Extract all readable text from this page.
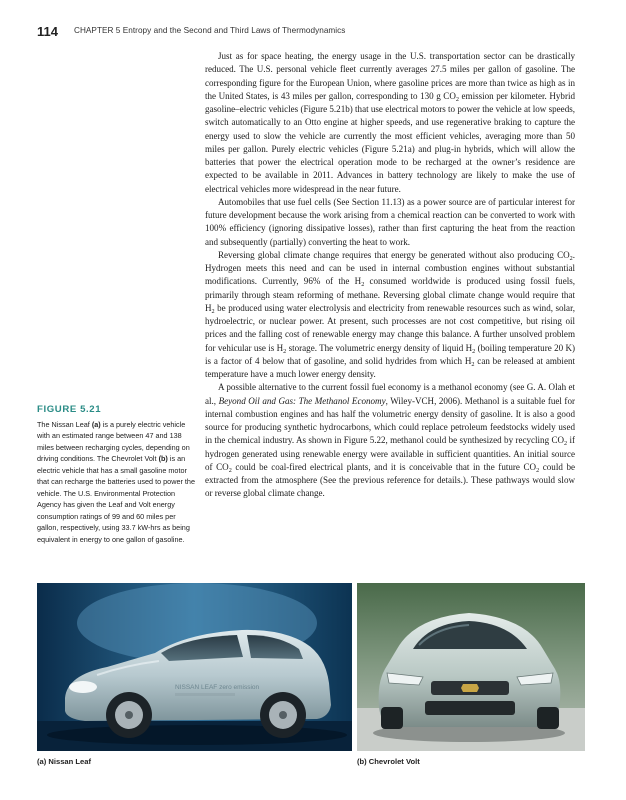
114 CHAPTER 5 Entropy and the Second and Third Laws of Thermodynamics

Just as for space heating, the energy usage in the U.S. transportation sector can be drastically reduced. The U.S. personal vehicle fleet currently averages 27.5 miles per gallon of gasoline. The corresponding figure for the European Union, where gasoline prices are more than twice as high as in the United States, is 43 miles per gallon, corresponding to 130 g $CO_2$ emission per kilometer. Hybrid gasoline–electric vehicles (Figure 5.21b) that use electrical motors to power the vehicle at low speeds, switch automatically to an Otto engine at higher speeds, and use regenerative braking to capture the energy used to slow the vehicle are currently the most efficient vehicles, averaging more than 50 miles per gallon. Purely electric vehicles (Figure 5.21a) and plug-in hybrids, which will allow the batteries that power the electrical operation mode to be recharged at the owner’s residence are expected to be available in 2011. Advances in battery technology are likely to make the use of electrical vehicles more widespread in the near future.

Automobiles that use fuel cells (See Section 11.13) as a power source are of particular interest for future development because the work arising from a chemical reaction can be converted to work with 100% efficiency (ignoring dissipative losses), rather than first capturing the heat from the reaction and subsequently (partially) converting the heat to work.

Reversing global climate change requires that energy be generated without also producing $CO_2$. Hydrogen meets this need and can be used in internal combustion engines without substantial modifications. Currently, 96% of the $H_2$ consumed worldwide is produced using fossil fuels, primarily through steam reforming of methane. Reversing global climate change would require that $H_2$ be produced using water electrolysis and electricity from renewable resources such as wind, solar, hydroelectric, or nuclear power. At present, such processes are not cost competitive, but rising oil prices and the falling cost of renewable energy may change this balance. A further unsolved problem for vehicular use is $H_2$ storage. The volumetric energy density of liquid $H_2$ (boiling temperature 20 K) is a factor of 4 below that of gasoline, and solid hydrides from which $H_2$ can be released at ambient temperature have a much lower energy density.

A possible alternative to the current fossil fuel economy is a methanol economy (see G. A. Olah et al., Beyond Oil and Gas: The Methanol Economy, Wiley-VCH, 2006). Methanol is a suitable fuel for internal combustion engines and has half the volumetric energy density of gasoline. It is also a good source for producing synthetic hydrocarbons, which could replace petroleum feedstocks widely used in the chemical industry. As shown in Figure 5.22, methanol could be synthesized by recycling $CO_2$ if hydrogen generated using renewable energy were available in sufficient quantities. An initial source of $CO_2$ could be coal-fired electrical plants, and it is conceivable that in the future $CO_2$ could be extracted from the atmosphere (See the previous reference for details.). These pathways would slow or reverse global climate change.

FIGURE 5.21
The Nissan Leaf (a) is a purely electric vehicle with an estimated range between 47 and 138 miles between recharging cycles, depending on driving conditions. The Chevrolet Volt (b) is an electric vehicle that has a small gasoline motor that can recharge the batteries used to power the vehicle. The U.S. Environmental Protection Agency has given the Leaf and Volt energy consumption ratings of 99 and 60 miles per gallon, respectively, using 33.7 kW-hrs as being equivalent in energy to one gallon of gasoline.
NISSAN LEAF zero emission
(a) Nissan Leaf	(b) Chevrolet Volt
